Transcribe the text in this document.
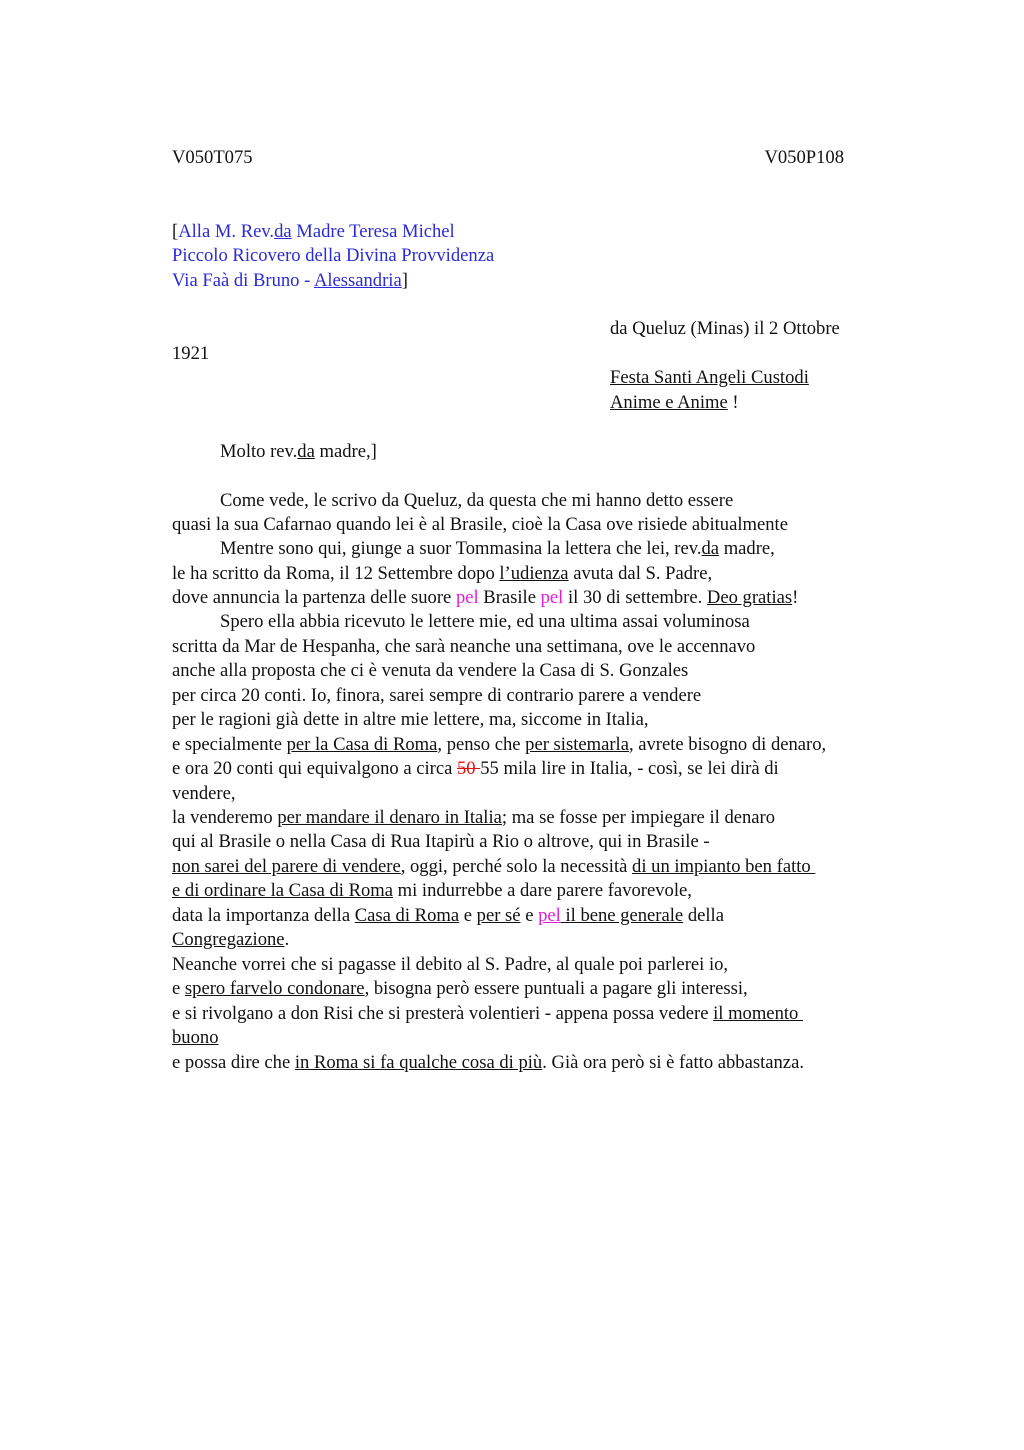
V050T075	V050P108
[Alla M. Rev.da Madre Teresa Michel
Piccolo Ricovero della Divina Provvidenza
Via Faà di Bruno - Alessandria]
da Queluz (Minas) il 2 Ottobre
1921
Festa Santi Angeli Custodi
Anime e Anime !
Molto rev.da madre,]
Come vede, le scrivo da Queluz, da questa che mi hanno detto essere
quasi la sua Cafarnao quando lei è al Brasile, cioè la Casa ove risiede abitualmente
Mentre sono qui, giunge a suor Tommasina la lettera che lei, rev.da madre,
le ha scritto da Roma, il 12 Settembre dopo l’udienza avuta dal S. Padre,
dove annuncia la partenza delle suore pel Brasile pel il 30 di settembre. Deo gratias!
Spero ella abbia ricevuto le lettere mie, ed una ultima assai voluminosa
scritta da Mar de Hespanha, che sarà neanche una settimana, ove le accennavo
anche alla proposta che ci è venuta da vendere la Casa di S. Gonzales
per circa 20 conti. Io, finora, sarei sempre di contrario parere a vendere
per le ragioni già dette in altre mie lettere, ma, siccome in Italia,
e specialmente per la Casa di Roma, penso che per sistemarla, avrete bisogno di denaro,
e ora 20 conti qui equivalgono a circa 50 55 mila lire in Italia, - così, se lei dirà di
vendere,
la venderemo per mandare il denaro in Italia; ma se fosse per impiegare il denaro
qui al Brasile o nella Casa di Rua Itapirù a Rio o altrove, qui in Brasile -
non sarei del parere di vendere, oggi, perché solo la necessità di un impianto ben fatto
e di ordinare la Casa di Roma mi indurrebbe a dare parere favorevole,
data la importanza della Casa di Roma e per sé e pel il bene generale della
Congregazione.
Neanche vorrei che si pagasse il debito al S. Padre, al quale poi parlerei io,
e spero farvelo condonare, bisogna però essere puntuali a pagare gli interessi,
e si rivolgano a don Risi che si presterà volentieri - appena possa vedere il momento
buono
e possa dire che in Roma si fa qualche cosa di più. Già ora però si è fatto abbastanza.
